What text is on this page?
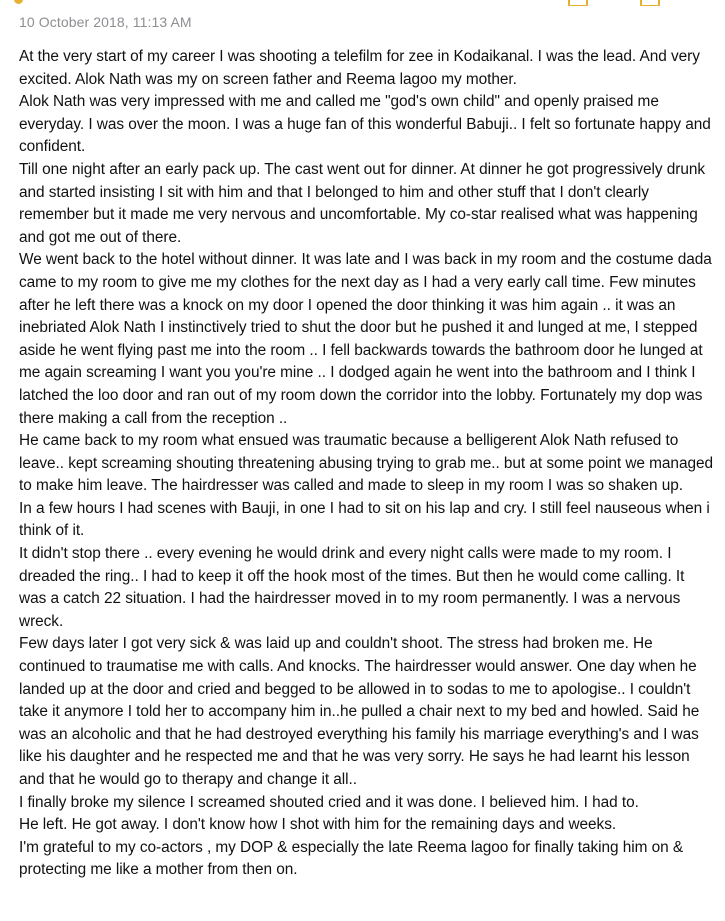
10 October 2018, 11:13 AM

At the very start of my career I was shooting a telefilm for zee in Kodaikanal. I was the lead. And very excited. Alok Nath was my on screen father and Reema lagoo my mother.

Alok Nath was very impressed with me and called me "god's own child" and openly praised me everyday. I was over the moon. I was a huge fan of this wonderful Babuji.. I felt so fortunate happy and confident.

Till one night after an early pack up. The cast went out for dinner. At dinner he got progressively drunk and started insisting I sit with him and that I belonged to him and other stuff that I don't clearly remember but it made me very nervous and uncomfortable. My co-star realised what was happening and got me out of there.

We went back to the hotel without dinner. It was late and I was back in my room and the costume dada came to my room to give me my clothes for the next day as I had a very early call time. Few minutes after he left there was a knock on my door I opened the door thinking it was him again .. it was an inebriated Alok Nath I instinctively tried to shut the door but he pushed it and lunged at me, I stepped aside he went flying past me into the room .. I fell backwards towards the bathroom door he lunged at me again screaming I want you you're mine .. I dodged again he went into the bathroom and I think I latched the loo door and ran out of my room down the corridor into the lobby. Fortunately my dop was there making a call from the reception ..

He came back to my room what ensued was traumatic because a belligerent Alok Nath refused to leave.. kept screaming shouting threatening abusing trying to grab me.. but at some point we managed to make him leave. The hairdresser was called and made to sleep in my room I was so shaken up.

In a few hours I had scenes with Bauji, in one I had to sit on his lap and cry. I still feel nauseous when i think of it.

It didn't stop there .. every evening he would drink and every night calls were made to my room. I dreaded the ring.. I had to keep it off the hook most of the times. But then he would come calling. It was a catch 22 situation. I had the hairdresser moved in to my room permanently. I was a nervous wreck.

Few days later I got very sick & was laid up and couldn't shoot. The stress had broken me. He continued to traumatise me with calls. And knocks. The hairdresser would answer. One day when he landed up at the door and cried and begged to be allowed in to sodas to me to apologise.. I couldn't take it anymore I told her to accompany him in..he pulled a chair next to my bed and howled. Said he was an alcoholic and that he had destroyed everything his family his marriage everything's and I was like his daughter and he respected me and that he was very sorry. He says he had learnt his lesson and that he would go to therapy and change it all..

I finally broke my silence I screamed shouted cried and it was done. I believed him. I had to.

He left. He got away. I don't know how I shot with him for the remaining days and weeks.

I'm grateful to my co-actors , my DOP & especially the late Reema lagoo for finally taking him on & protecting me like a mother from then on.
